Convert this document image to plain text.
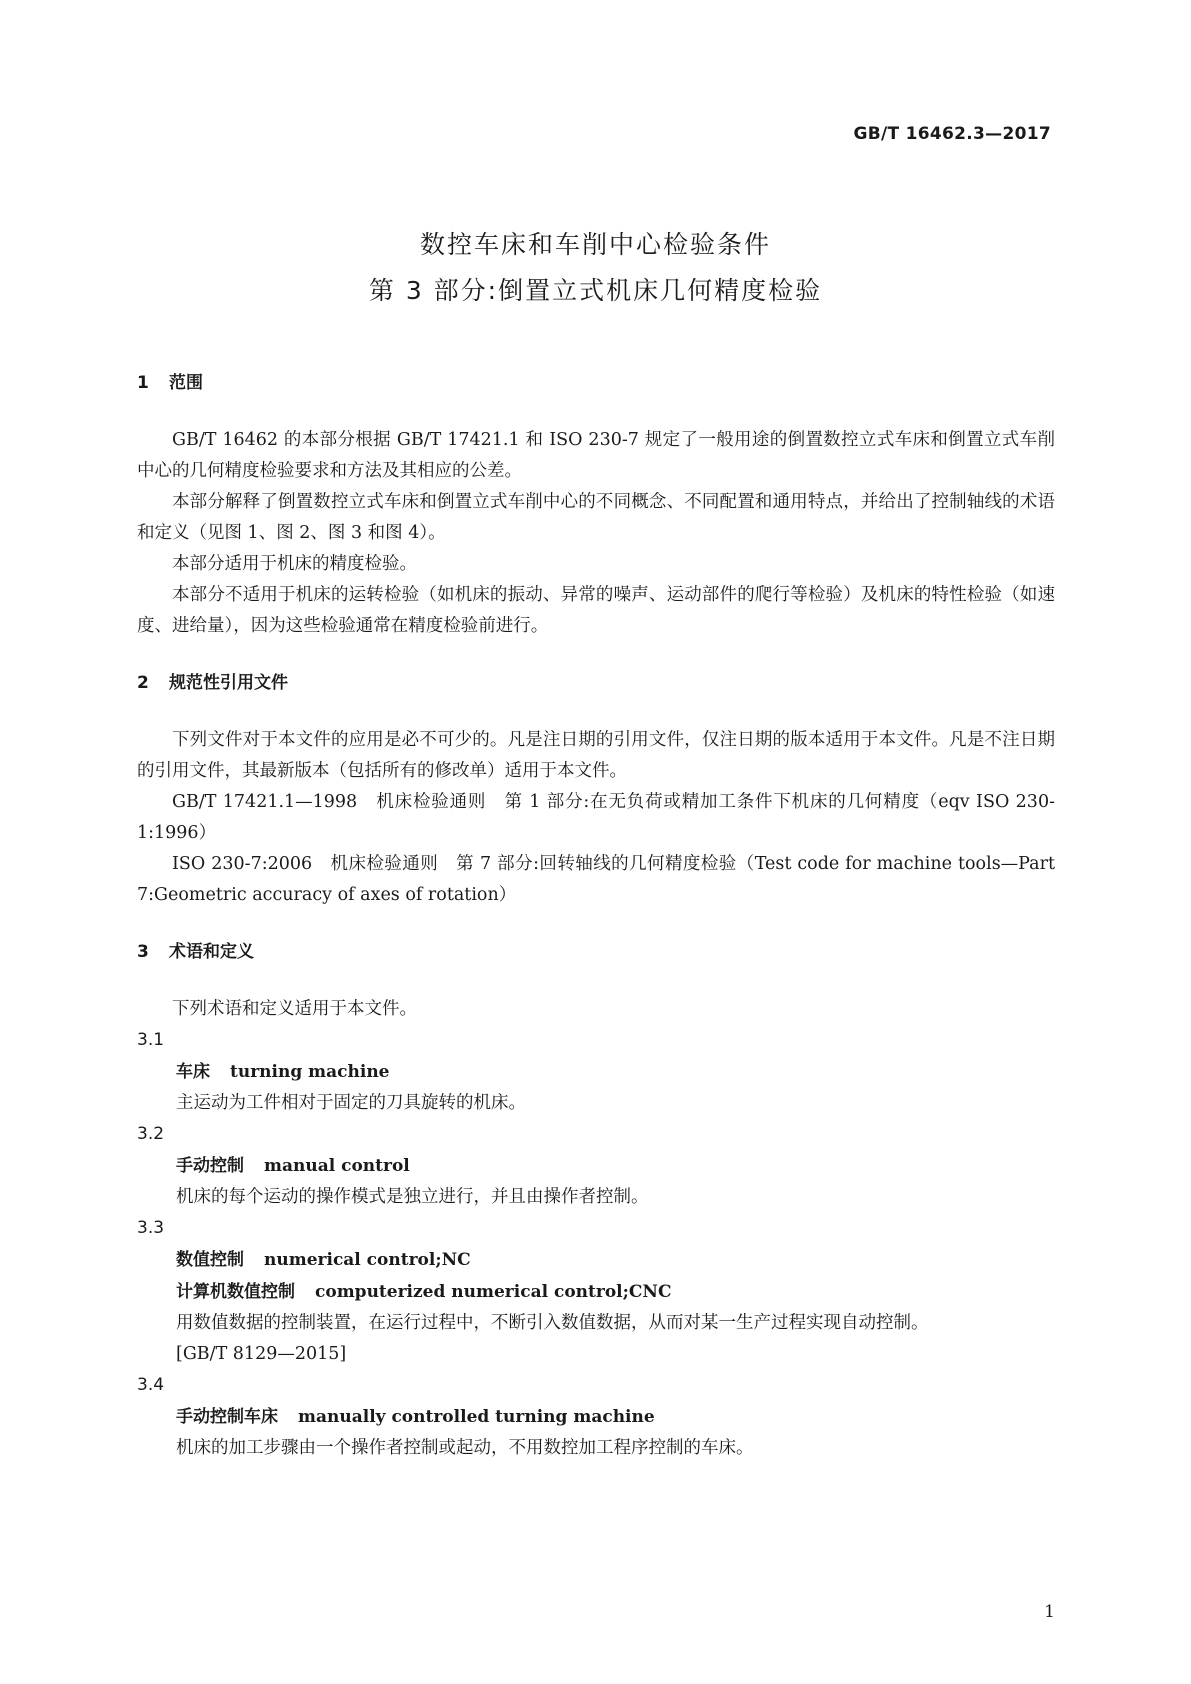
GB/T 16462.3—2017
数控车床和车削中心检验条件
第 3 部分:倒置立式机床几何精度检验
1 范围

GB/T 16462 的本部分根据 GB/T 17421.1 和 ISO 230-7 规定了一般用途的倒置数控立式车床和倒置立式车削中心的几何精度检验要求和方法及其相应的公差。

本部分解释了倒置数控立式车床和倒置立式车削中心的不同概念、不同配置和通用特点，并给出了控制轴线的术语和定义（见图 1、图 2、图 3 和图 4）。

本部分适用于机床的精度检验。

本部分不适用于机床的运转检验（如机床的振动、异常的噪声、运动部件的爬行等检验）及机床的特性检验（如速度、进给量），因为这些检验通常在精度检验前进行。

2 规范性引用文件

下列文件对于本文件的应用是必不可少的。凡是注日期的引用文件，仅注日期的版本适用于本文件。凡是不注日期的引用文件，其最新版本（包括所有的修改单）适用于本文件。

GB/T 17421.1—1998　机床检验通则　第 1 部分:在无负荷或精加工条件下机床的几何精度（eqv ISO 230-1:1996）

ISO 230-7:2006　机床检验通则　第 7 部分:回转轴线的几何精度检验（Test code for machine tools—Part 7:Geometric accuracy of axes of rotation）

3 术语和定义

下列术语和定义适用于本文件。

3.1
车床 turning machine
主运动为工件相对于固定的刀具旋转的机床。
3.2
手动控制 manual control
机床的每个运动的操作模式是独立进行，并且由操作者控制。
3.3
数值控制 numerical control;NC
计算机数值控制 computerized numerical control;CNC
用数值数据的控制装置，在运行过程中，不断引入数值数据，从而对某一生产过程实现自动控制。
[GB/T 8129—2015]
3.4
手动控制车床 manually controlled turning machine
机床的加工步骤由一个操作者控制或起动，不用数控加工程序控制的车床。
1
